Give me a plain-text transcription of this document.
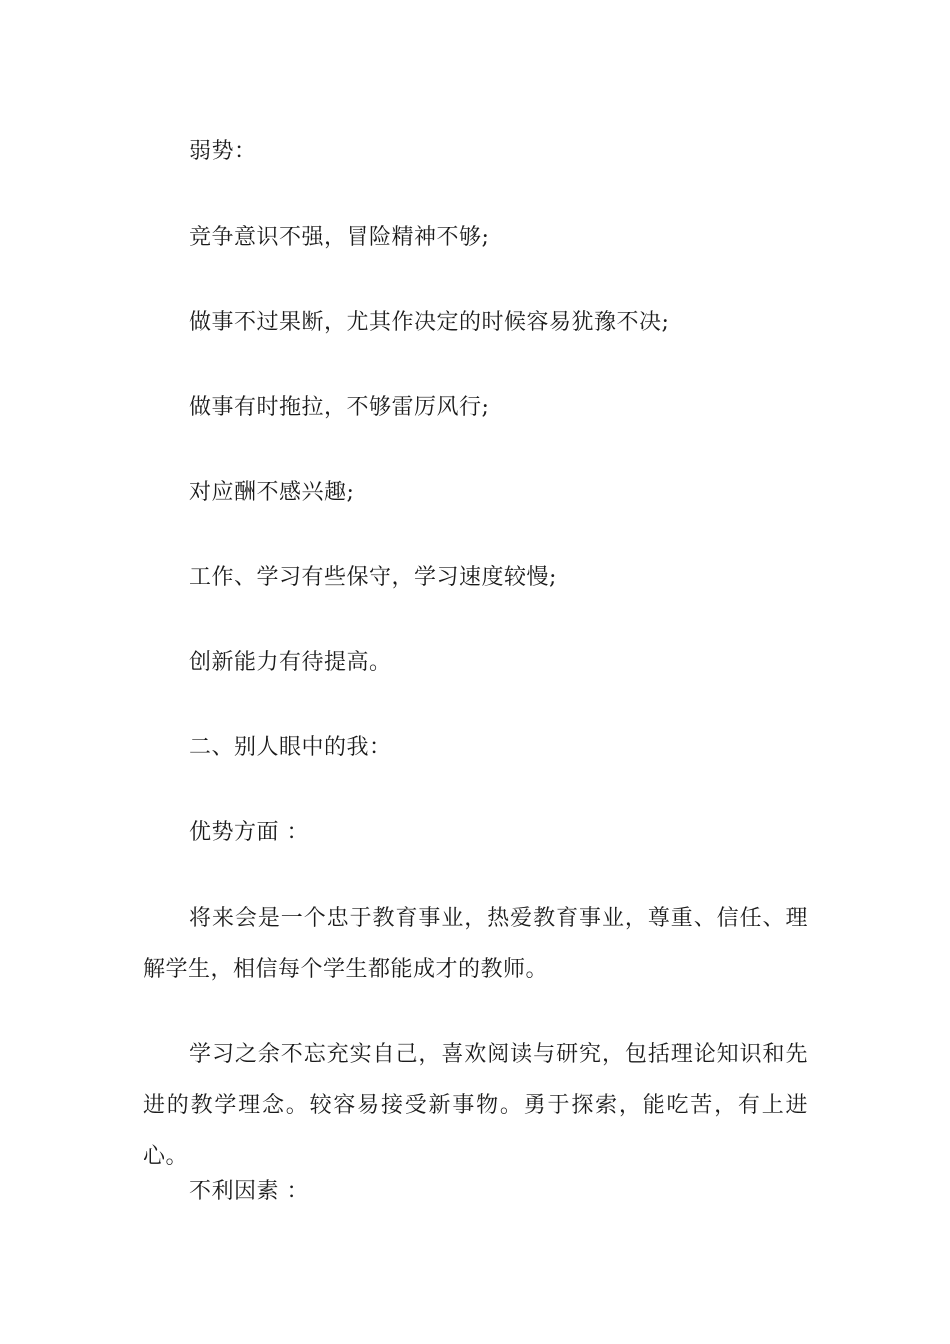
弱势：

竞争意识不强，冒险精神不够;

做事不过果断，尤其作决定的时候容易犹豫不决;

做事有时拖拉，不够雷厉风行;

对应酬不感兴趣;

工作、学习有些保守，学习速度较慢;

创新能力有待提高。

二、别人眼中的我：

优势方面 ：

将来会是一个忠于教育事业，热爱教育事业，尊重、信任、理解学生，相信每个学生都能成才的教师。

学习之余不忘充实自己，喜欢阅读与研究，包括理论知识和先进的教学理念。较容易接受新事物。勇于探索，能吃苦，有上进心。

不利因素 ：
